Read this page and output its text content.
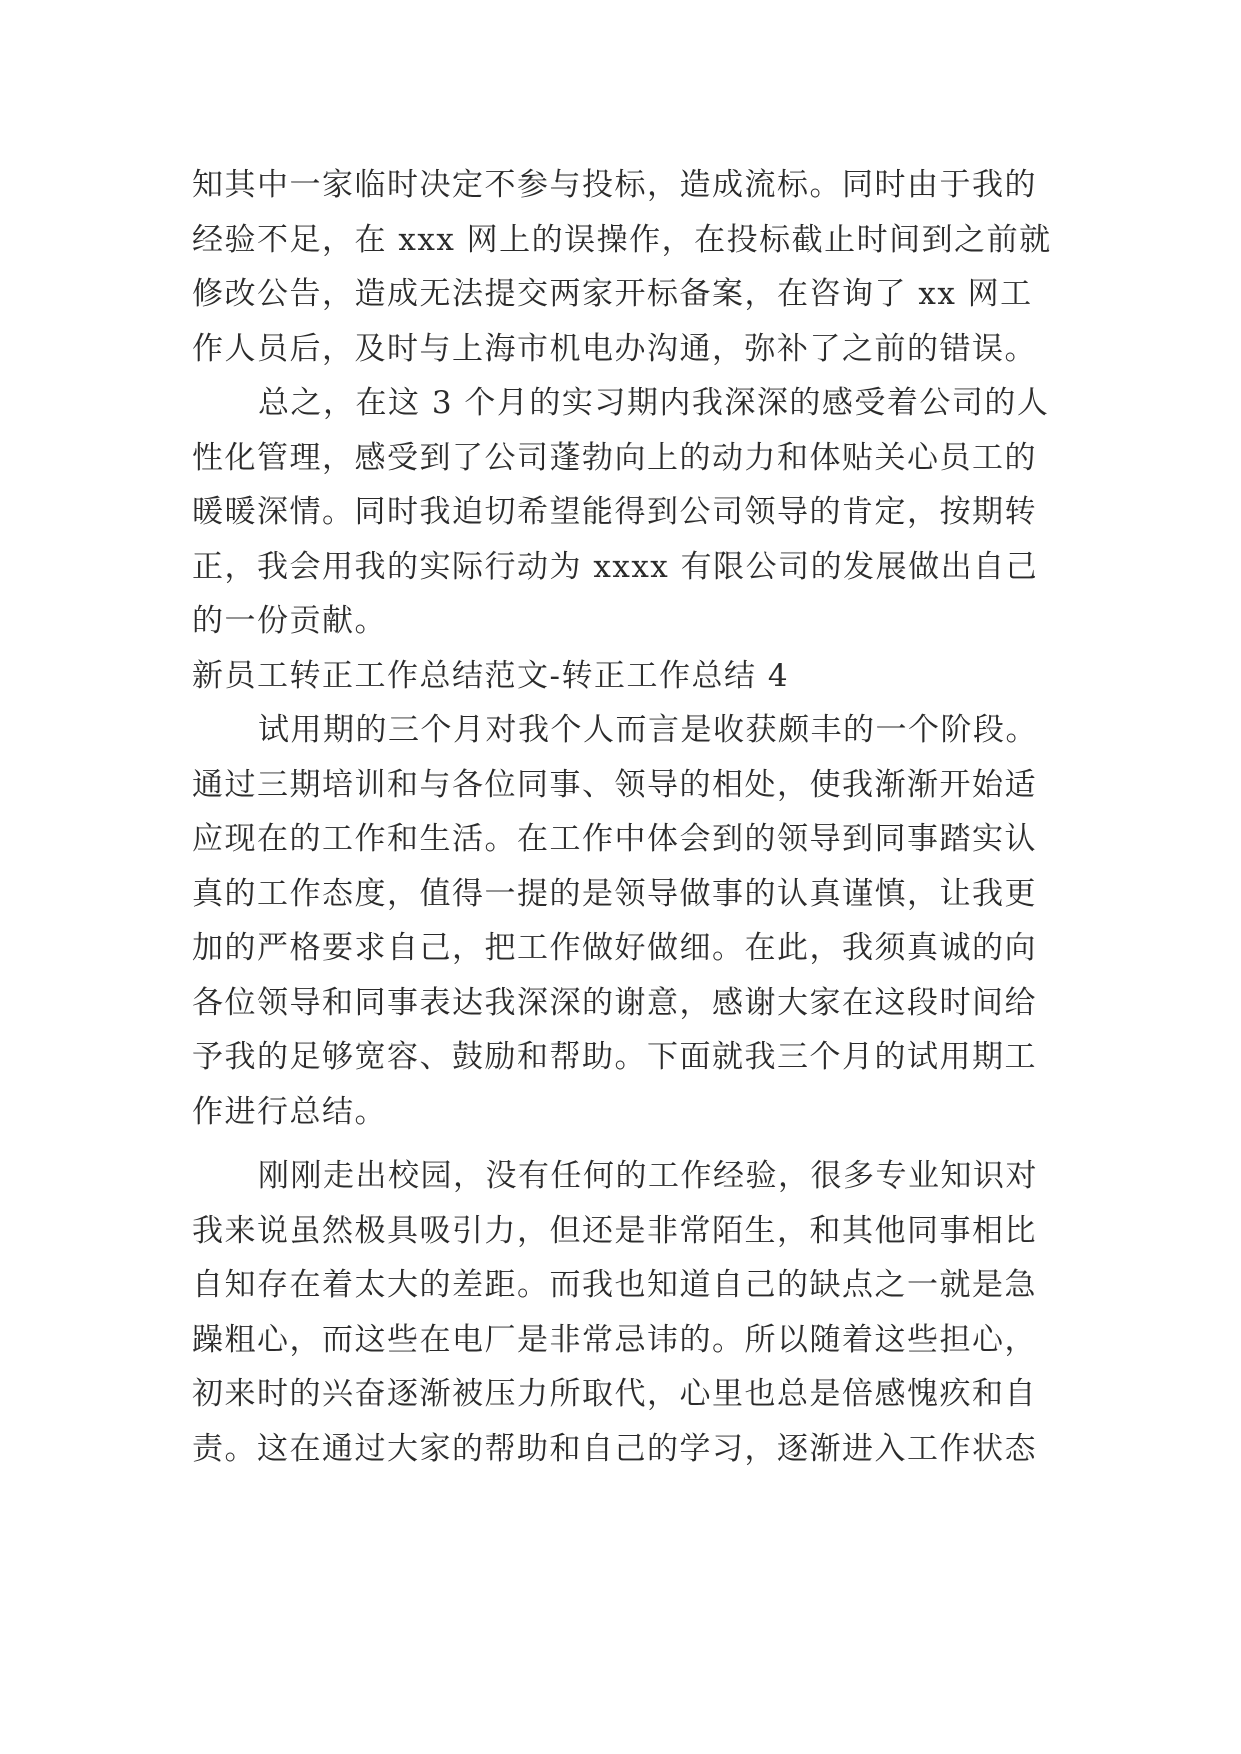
知其中一家临时决定不参与投标，造成流标。同时由于我的
经验不足，在 xxx 网上的误操作，在投标截止时间到之前就
修改公告，造成无法提交两家开标备案，在咨询了 xx 网工
作人员后，及时与上海市机电办沟通，弥补了之前的错误。
总之，在这 3 个月的实习期内我深深的感受着公司的人
性化管理，感受到了公司蓬勃向上的动力和体贴关心员工的
暖暖深情。同时我迫切希望能得到公司领导的肯定，按期转
正，我会用我的实际行动为 xxxx 有限公司的发展做出自己
的一份贡献。
新员工转正工作总结范文-转正工作总结 4
试用期的三个月对我个人而言是收获颇丰的一个阶段。
通过三期培训和与各位同事、领导的相处，使我渐渐开始适
应现在的工作和生活。在工作中体会到的领导到同事踏实认
真的工作态度，值得一提的是领导做事的认真谨慎，让我更
加的严格要求自己，把工作做好做细。在此，我须真诚的向
各位领导和同事表达我深深的谢意，感谢大家在这段时间给
予我的足够宽容、鼓励和帮助。下面就我三个月的试用期工
作进行总结。
刚刚走出校园，没有任何的工作经验，很多专业知识对
我来说虽然极具吸引力，但还是非常陌生，和其他同事相比
自知存在着太大的差距。而我也知道自己的缺点之一就是急
躁粗心，而这些在电厂是非常忌讳的。所以随着这些担心，
初来时的兴奋逐渐被压力所取代，心里也总是倍感愧疚和自
责。这在通过大家的帮助和自己的学习，逐渐进入工作状态
